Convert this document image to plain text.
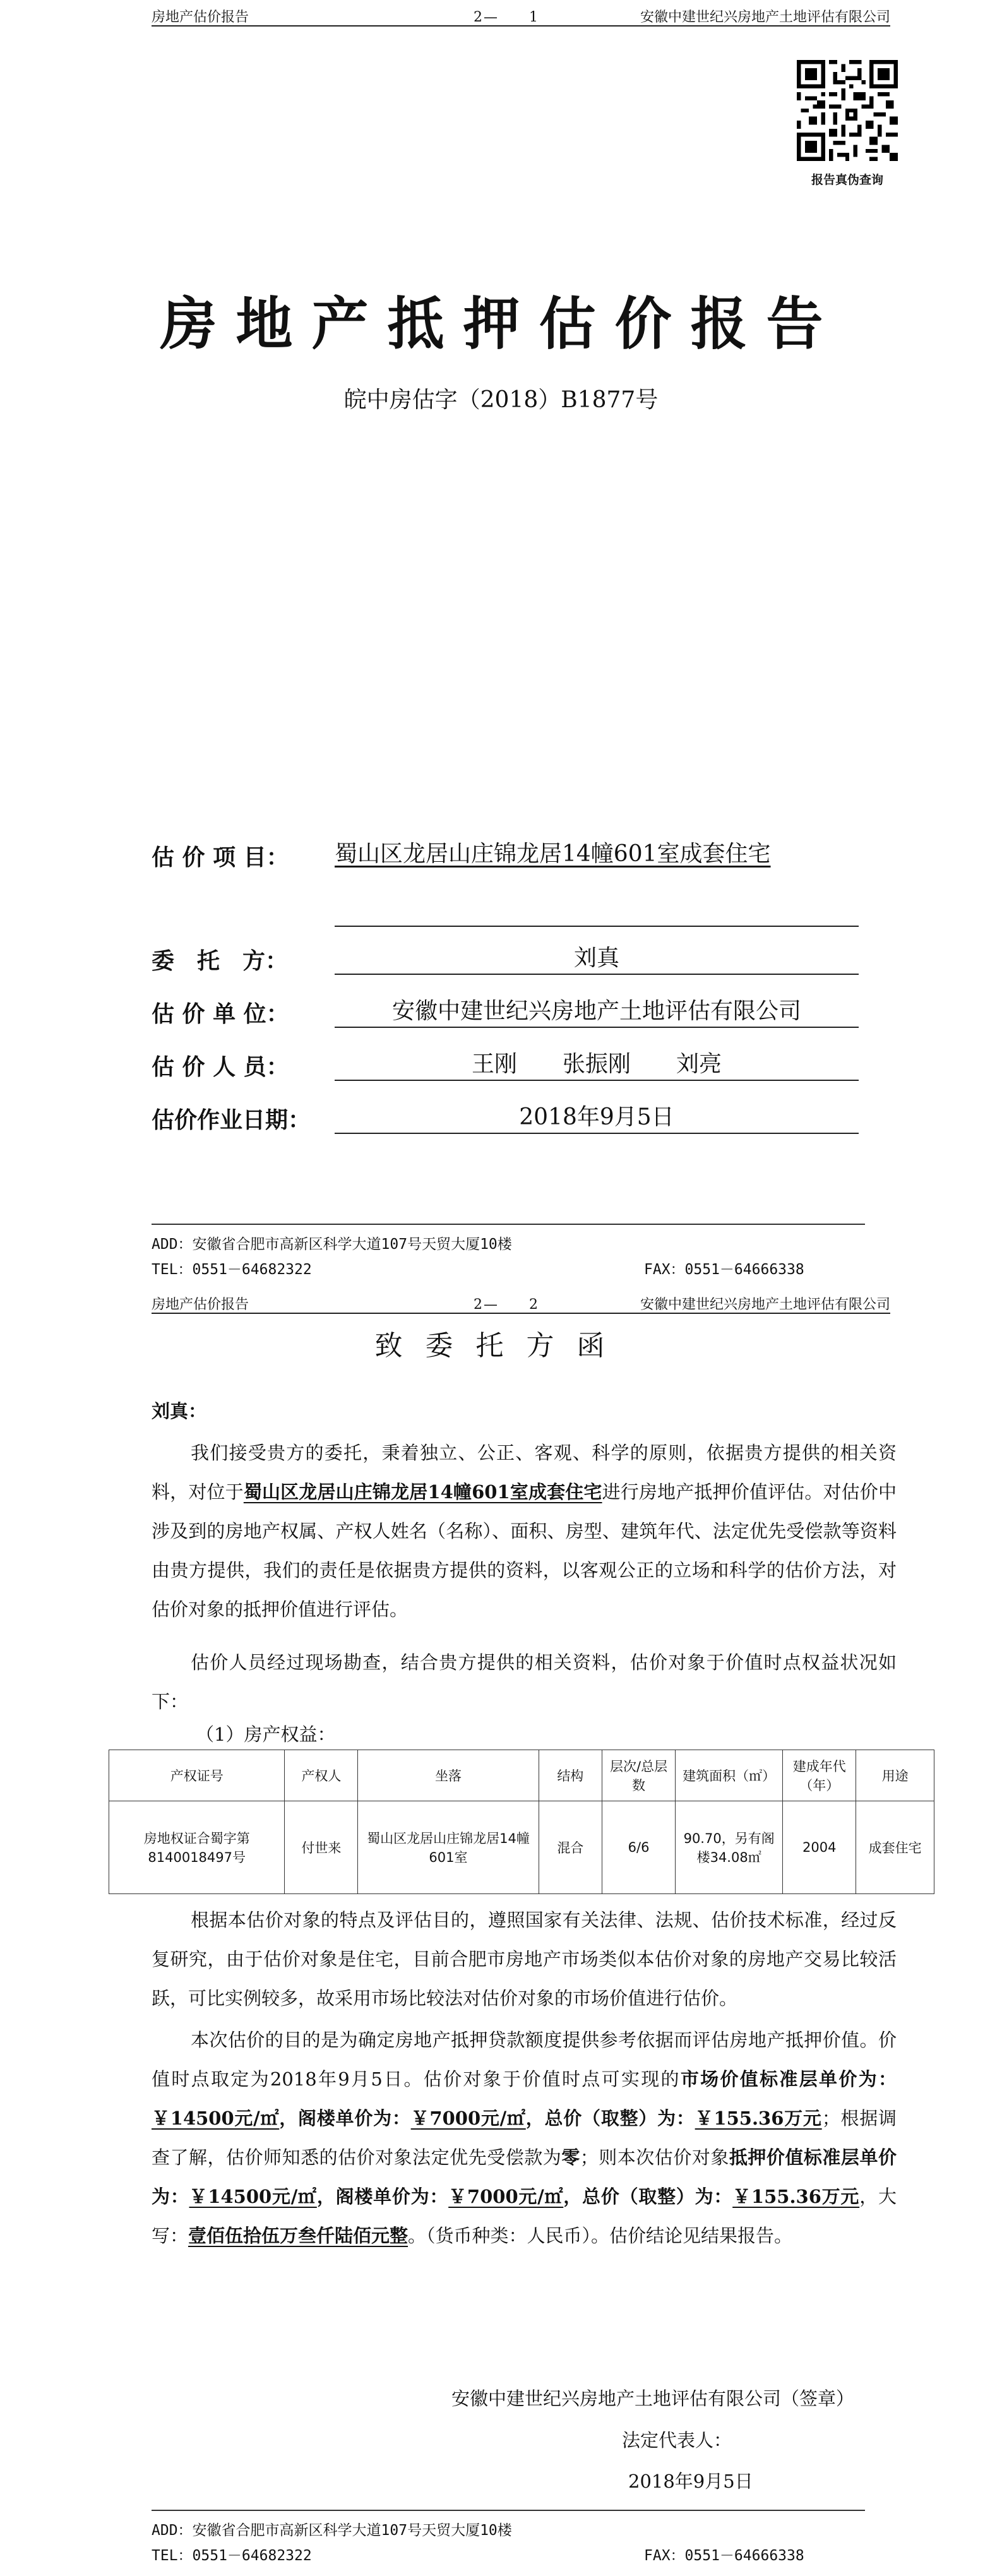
房地产估价报告	2—　　1	安徽中建世纪兴房地产土地评估有限公司
报告真伪查询
房地产抵押估价报告
皖中房估字（2018）B1877号
估 价 项 目： 蜀山区龙居山庄锦龙居14幢601室成套住宅
委　托　方：	刘真
估 价 单 位：	安徽中建世纪兴房地产土地评估有限公司
估 价 人 员：	王刚　　张振刚　　刘亮
估价作业日期：	2018年9月5日
ADD：安徽省合肥市高新区科学大道107号天贸大厦10楼
TEL：0551－64682322	FAX：0551－64666338
房地产估价报告	2—　　2	安徽中建世纪兴房地产土地评估有限公司
致委托方函
刘真：
我们接受贵方的委托，秉着独立、公正、客观、科学的原则，依据贵方提供的相关资料，对位于蜀山区龙居山庄锦龙居14幢601室成套住宅进行房地产抵押价值评估。对估价中涉及到的房地产权属、产权人姓名（名称）、面积、房型、建筑年代、法定优先受偿款等资料由贵方提供，我们的责任是依据贵方提供的资料，以客观公正的立场和科学的估价方法，对估价对象的抵押价值进行评估。
估价人员经过现场勘查，结合贵方提供的相关资料，估价对象于价值时点权益状况如下：
（1）房产权益：
产权证号	产权人	坐落	结构	层次/总层数	建筑面积（㎡）	建成年代（年）	用途
房地权证合蜀字第8140018497号	付世来	蜀山区龙居山庄锦龙居14幢601室	混合	6/6	90.70，另有阁楼34.08㎡	2004	成套住宅
根据本估价对象的特点及评估目的，遵照国家有关法律、法规、估价技术标准，经过反复研究，由于估价对象是住宅，目前合肥市房地产市场类似本估价对象的房地产交易比较活跃，可比实例较多，故采用市场比较法对估价对象的市场价值进行估价。
本次估价的目的是为确定房地产抵押贷款额度提供参考依据而评估房地产抵押价值。价值时点取定为2018年9月5日。估价对象于价值时点可实现的市场价值标准层单价为：￥14500元/㎡，阁楼单价为：￥7000元/㎡，总价（取整）为：￥155.36万元；根据调查了解，估价师知悉的估价对象法定优先受偿款为零；则本次估价对象抵押价值标准层单价为：￥14500元/㎡，阁楼单价为：￥7000元/㎡，总价（取整）为：￥155.36万元，大写：壹佰伍拾伍万叁仟陆佰元整。（货币种类：人民币）。估价结论见结果报告。
安徽中建世纪兴房地产土地评估有限公司（签章）
法定代表人：
2018年9月5日
ADD：安徽省合肥市高新区科学大道107号天贸大厦10楼
TEL：0551－64682322	FAX：0551－64666338
